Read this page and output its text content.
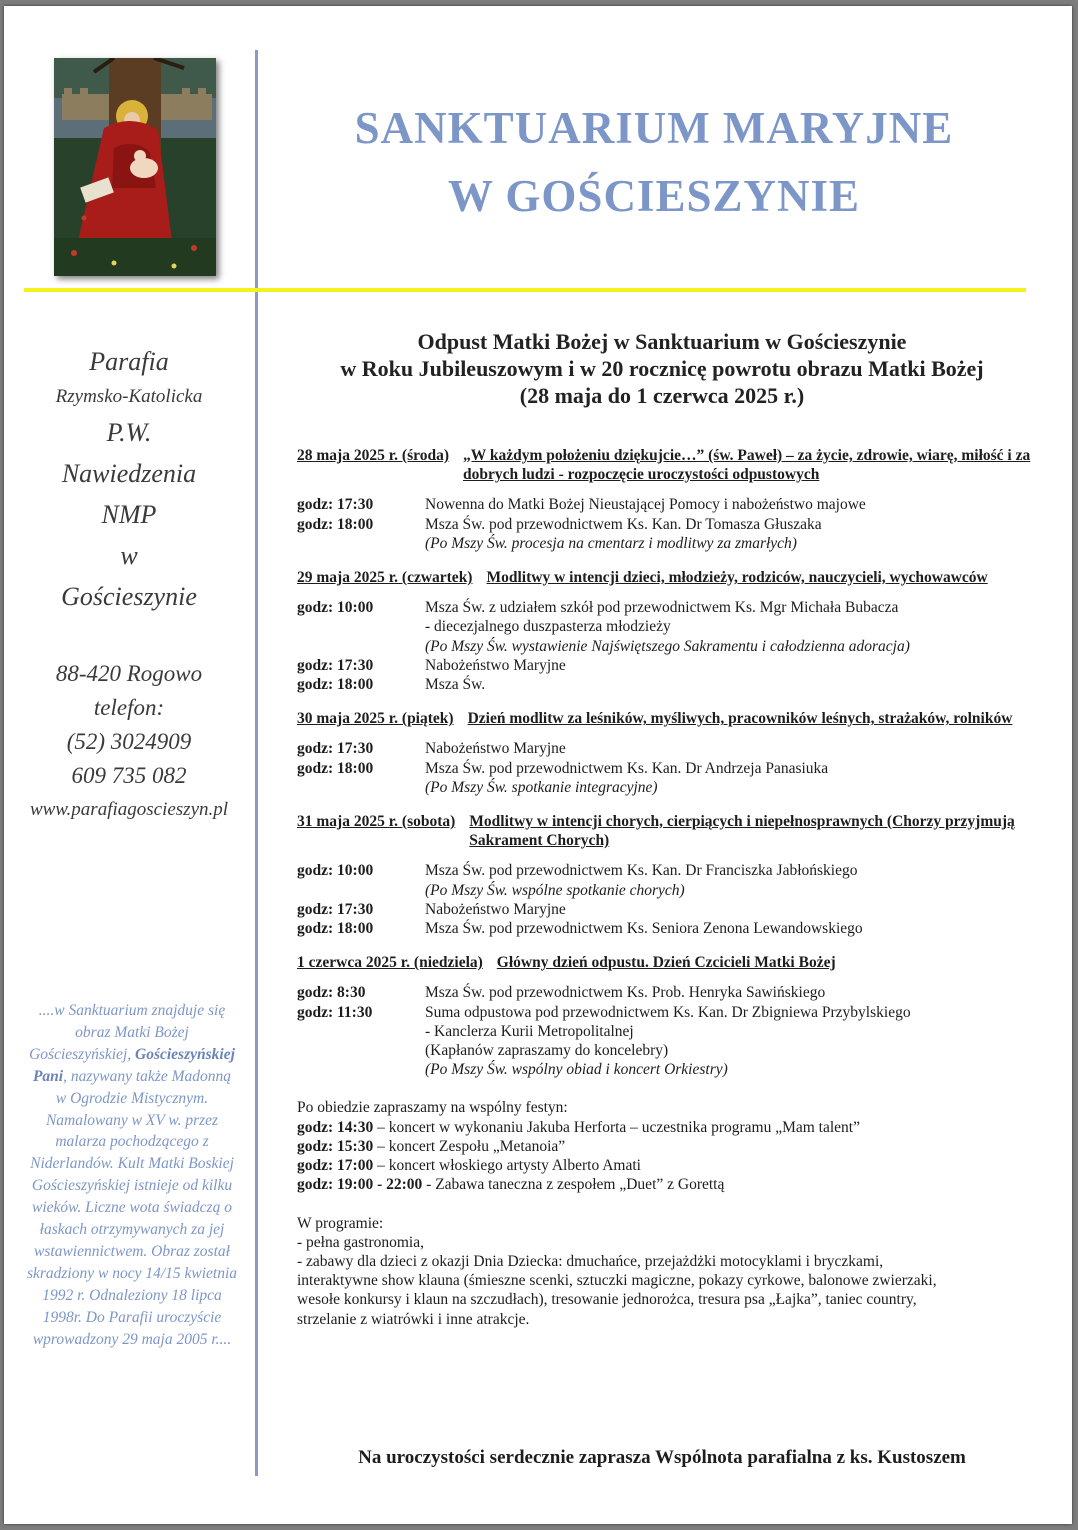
SANKTUARIUM MARYJNE
W GOŚCIESZYNIE
Parafia
Rzymsko-Katolicka
P.W.
Nawiedzenia
NMP
w
Gościeszynie
88-420 Rogowo
telefon:
(52) 3024909
609 735 082
www.parafiagoscieszyn.pl
....w Sanktuarium znajduje się obraz Matki Bożej Gościeszyńskiej, Gościeszyńskiej Pani, nazywany także Madonną w Ogrodzie Mistycznym. Namalowany w XV w. przez malarza pochodzącego z Niderlandów. Kult Matki Boskiej Gościeszyńskiej istnieje od kilku wieków. Liczne wota świadczą o łaskach otrzymywanych za jej wstawiennictwem. Obraz został skradziony w nocy 14/15 kwietnia 1992 r. Odnaleziony 18 lipca 1998r. Do Parafii uroczyście wprowadzony 29 maja 2005 r....
Odpust Matki Bożej w Sanktuarium w Gościeszynie
w Roku Jubileuszowym i w 20 rocznicę powrotu obrazu Matki Bożej
(28 maja do 1 czerwca 2025 r.)
28 maja 2025 r. (środa) „W każdym położeniu dziękujcie…” (św. Paweł) – za życie, zdrowie, wiarę, miłość i za dobrych ludzi - rozpoczęcie uroczystości odpustowych
godz: 17:30	Nowenna do Matki Bożej Nieustającej Pomocy i nabożeństwo majowe
godz: 18:00	Msza Św. pod przewodnictwem Ks. Kan. Dr Tomasza Głuszaka
(Po Mszy Św. procesja na cmentarz i modlitwy za zmarłych)
29 maja 2025 r. (czwartek) Modlitwy w intencji dzieci, młodzieży, rodziców, nauczycieli, wychowawców
godz: 10:00	Msza Św. z udziałem szkół pod przewodnictwem Ks. Mgr Michała Bubacza
- diecezjalnego duszpasterza młodzieży
(Po Mszy Św. wystawienie Najświętszego Sakramentu i całodzienna adoracja)
godz: 17:30	Nabożeństwo Maryjne
godz: 18:00	Msza Św.
30 maja 2025 r. (piątek) Dzień modlitw za leśników, myśliwych, pracowników leśnych, strażaków, rolników
godz: 17:30	Nabożeństwo Maryjne
godz: 18:00	Msza Św. pod przewodnictwem Ks. Kan. Dr Andrzeja Panasiuka
(Po Mszy Św. spotkanie integracyjne)
31 maja 2025 r. (sobota) Modlitwy w intencji chorych, cierpiących i niepełnosprawnych (Chorzy przyjmują Sakrament Chorych)
godz: 10:00	Msza Św. pod przewodnictwem Ks. Kan. Dr Franciszka Jabłońskiego
(Po Mszy Św. wspólne spotkanie chorych)
godz: 17:30	Nabożeństwo Maryjne
godz: 18:00	Msza Św. pod przewodnictwem Ks. Seniora Zenona Lewandowskiego
1 czerwca 2025 r. (niedziela) Główny dzień odpustu. Dzień Czcicieli Matki Bożej
godz: 8:30	Msza Św. pod przewodnictwem Ks. Prob. Henryka Sawińskiego
godz: 11:30	Suma odpustowa pod przewodnictwem Ks. Kan. Dr Zbigniewa Przybylskiego
- Kanclerza Kurii Metropolitalnej
(Kapłanów zapraszamy do koncelebry)
(Po Mszy Św. wspólny obiad i koncert Orkiestry)
Po obiedzie zapraszamy na wspólny festyn:
godz: 14:30 – koncert w wykonaniu Jakuba Herforta – uczestnika programu „Mam talent”
godz: 15:30 – koncert Zespołu „Metanoia”
godz: 17:00 – koncert włoskiego artysty Alberto Amati
godz: 19:00 - 22:00 - Zabawa taneczna z zespołem „Duet” z Gorettą
W programie:
- pełna gastronomia,
- zabawy dla dzieci z okazji Dnia Dziecka: dmuchańce, przejażdżki motocyklami i bryczkami, interaktywne show klauna (śmieszne scenki, sztuczki magiczne, pokazy cyrkowe, balonowe zwierzaki, wesołe konkursy i klaun na szczudłach), tresowanie jednorożca, tresura psa „Łajka”, taniec country, strzelanie z wiatrówki i inne atrakcje.
Na uroczystości serdecznie zaprasza Wspólnota parafialna z ks. Kustoszem
